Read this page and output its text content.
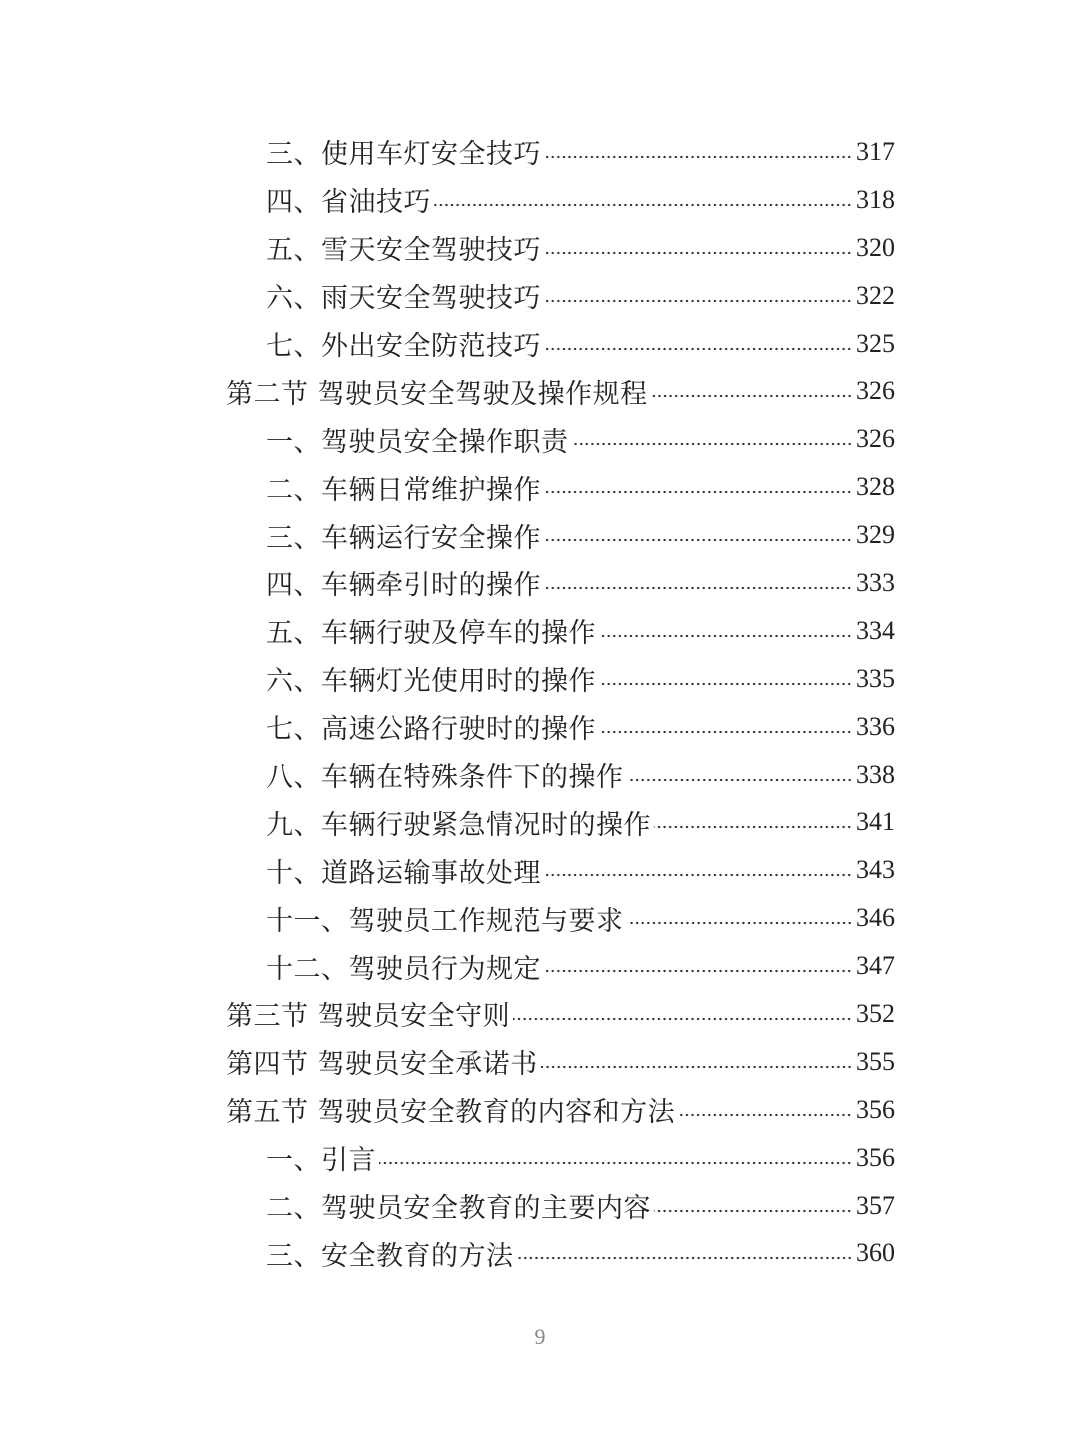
三、使用车灯安全技巧	317
四、省油技巧	318
五、雪天安全驾驶技巧	320
六、雨天安全驾驶技巧	322
七、外出安全防范技巧	325
第二节 驾驶员安全驾驶及操作规程	326
一、驾驶员安全操作职责	326
二、车辆日常维护操作	328
三、车辆运行安全操作	329
四、车辆牵引时的操作	333
五、车辆行驶及停车的操作	334
六、车辆灯光使用时的操作	335
七、高速公路行驶时的操作	336
八、车辆在特殊条件下的操作	338
九、车辆行驶紧急情况时的操作	341
十、道路运输事故处理	343
十一、驾驶员工作规范与要求	346
十二、驾驶员行为规定	347
第三节 驾驶员安全守则	352
第四节 驾驶员安全承诺书	355
第五节 驾驶员安全教育的内容和方法	356
一、引言	356
二、驾驶员安全教育的主要内容	357
三、安全教育的方法	360
9
